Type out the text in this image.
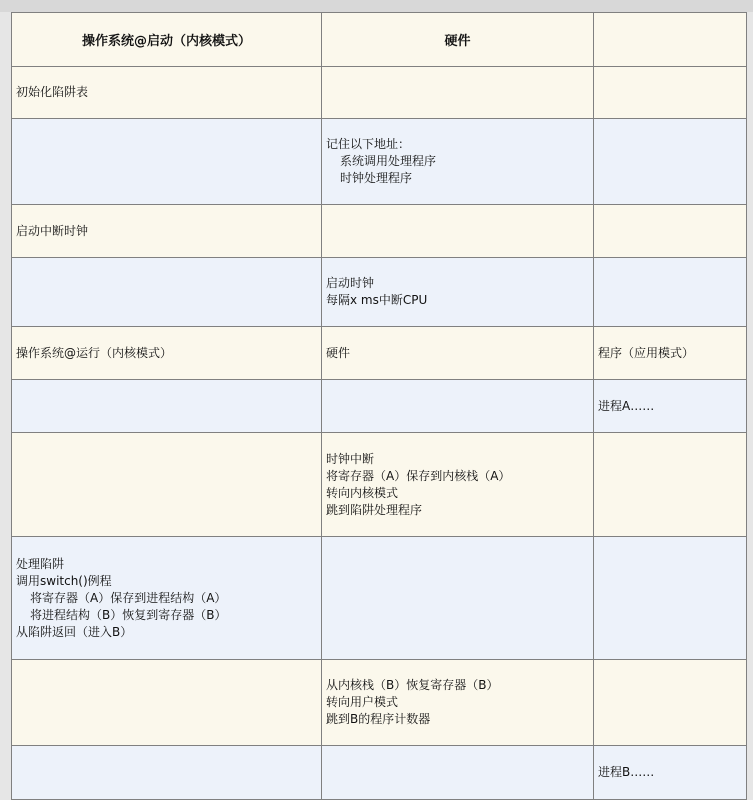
操作系统@启动（内核模式）	硬件	

初始化陷阱表		

	记住以下地址：
系统调用处理程序
时钟处理程序	

启动中断时钟		

	启动时钟
每隔x ms中断CPU	

操作系统@运行（内核模式）	硬件	程序（应用模式）

		进程A……

	时钟中断
将寄存器（A）保存到内核栈（A）
转向内核模式
跳到陷阱处理程序	

处理陷阱
调用switch()例程
将寄存器（A）保存到进程结构（A）
将进程结构（B）恢复到寄存器（B）
从陷阱返回（进入B）		

	从内核栈（B）恢复寄存器（B）
转向用户模式
跳到B的程序计数器	

		进程B……
